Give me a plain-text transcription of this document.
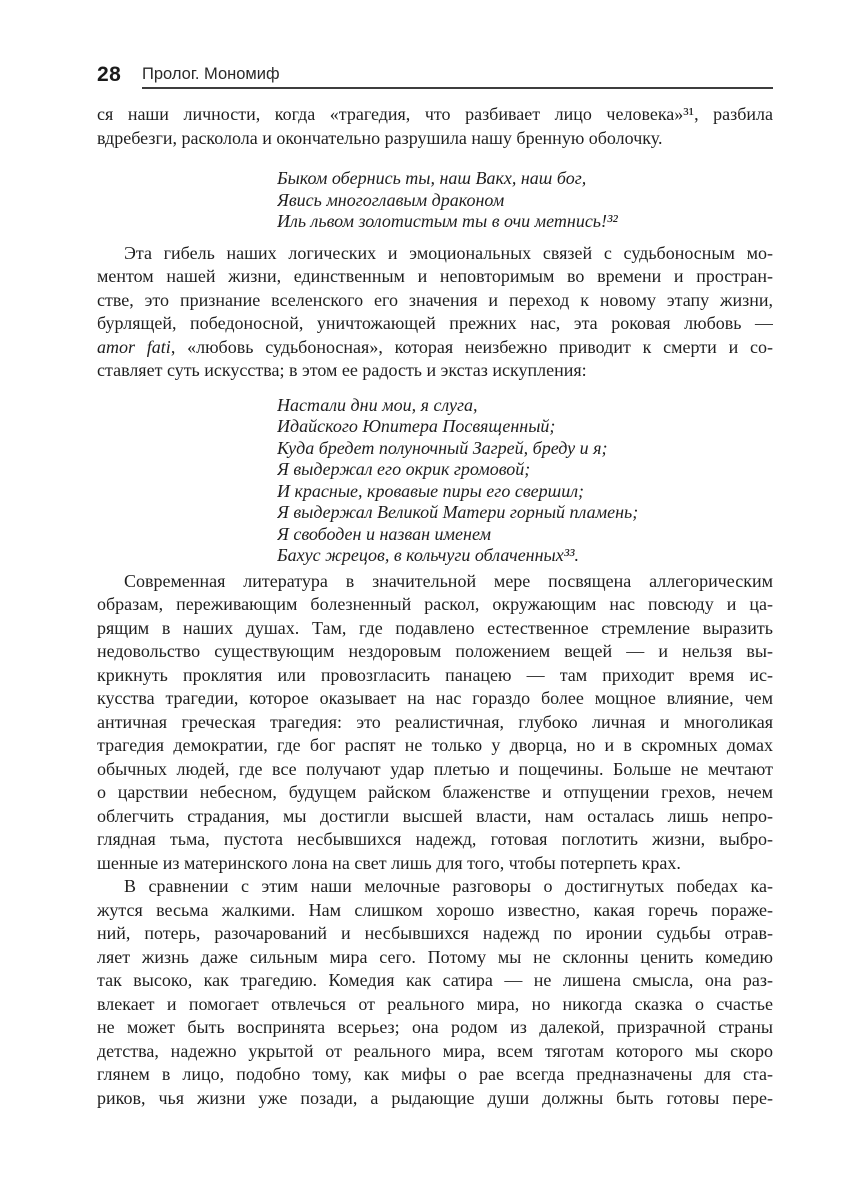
28 Пролог. Мономиф
ся наши личности, когда «трагедия, что разбивает лицо человека»³¹, разбила
вдребезги, расколола и окончательно разрушила нашу бренную оболочку.
Быком обернись ты, наш Вакх, наш бог,
Явись многоглавым драконом
Иль львом золотистым ты в очи метнись!³²
Эта гибель наших логических и эмоциональных связей с судьбоносным мо-
ментом нашей жизни, единственным и неповторимым во времени и простран-
стве, это признание вселенского его значения и переход к новому этапу жизни,
бурлящей, победоносной, уничтожающей прежних нас, эта роковая любовь —
amor fati, «любовь судьбоносная», которая неизбежно приводит к смерти и со-
ставляет суть искусства; в этом ее радость и экстаз искупления:
Настали дни мои, я слуга,
Идайского Юпитера Посвященный;
Куда бредет полуночный Загрей, бреду и я;
Я выдержал его окрик громовой;
И красные, кровавые пиры его свершил;
Я выдержал Великой Матери горный пламень;
Я свободен и назван именем
Бахус жрецов, в кольчуги облаченных³³.
Современная литература в значительной мере посвящена аллегорическим
образам, переживающим болезненный раскол, окружающим нас повсюду и ца-
рящим в наших душах. Там, где подавлено естественное стремление выразить
недовольство существующим нездоровым положением вещей — и нельзя вы-
крикнуть проклятия или провозгласить панацею — там приходит время ис-
кусства трагедии, которое оказывает на нас гораздо более мощное влияние, чем
античная греческая трагедия: это реалистичная, глубоко личная и многоликая
трагедия демократии, где бог распят не только у дворца, но и в скромных домах
обычных людей, где все получают удар плетью и пощечины. Больше не мечтают
о царствии небесном, будущем райском блаженстве и отпущении грехов, нечем
облегчить страдания, мы достигли высшей власти, нам осталась лишь непро-
глядная тьма, пустота несбывшихся надежд, готовая поглотить жизни, выбро-
шенные из материнского лона на свет лишь для того, чтобы потерпеть крах.
В сравнении с этим наши мелочные разговоры о достигнутых победах ка-
жутся весьма жалкими. Нам слишком хорошо известно, какая горечь пораже-
ний, потерь, разочарований и несбывшихся надежд по иронии судьбы отрав-
ляет жизнь даже сильным мира сего. Потому мы не склонны ценить комедию
так высоко, как трагедию. Комедия как сатира — не лишена смысла, она раз-
влекает и помогает отвлечься от реального мира, но никогда сказка о счастье
не может быть воспринята всерьез; она родом из далекой, призрачной страны
детства, надежно укрытой от реального мира, всем тяготам которого мы скоро
глянем в лицо, подобно тому, как мифы о рае всегда предназначены для ста-
риков, чья жизни уже позади, а рыдающие души должны быть готовы пере-
